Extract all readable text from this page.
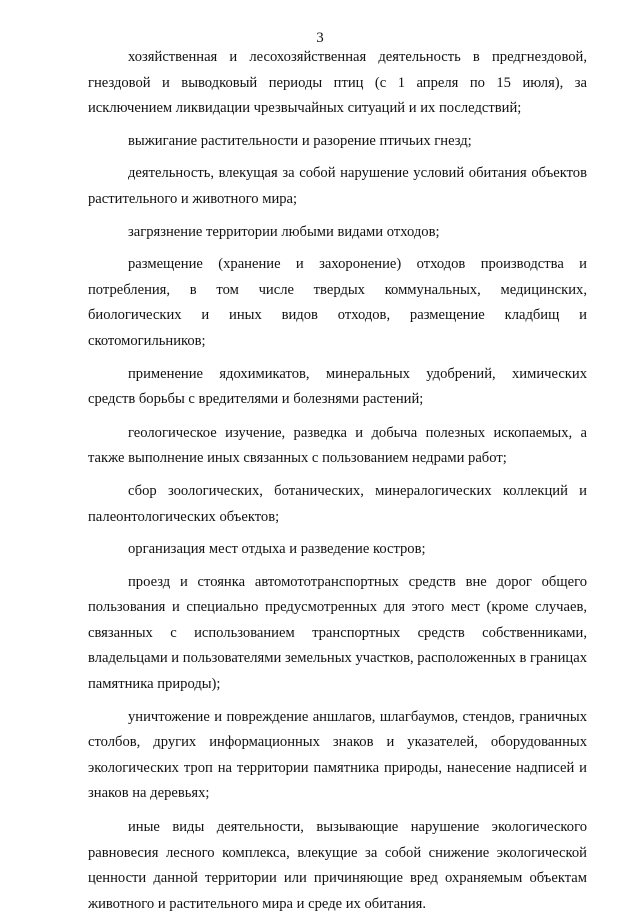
3

хозяйственная и лесохозяйственная деятельность в предгнездовой, гнездовой и выводковый периоды птиц (с 1 апреля по 15 июля), за исключением ликвидации чрезвычайных ситуаций и их последствий;

выжигание растительности и разорение птичьих гнезд;

деятельность, влекущая за собой нарушение условий обитания объектов растительного и животного мира;

загрязнение территории любыми видами отходов;

размещение (хранение и захоронение) отходов производства и потребления, в том числе твердых коммунальных, медицинских, биологических и иных видов отходов, размещение кладбищ и скотомогильников;

применение ядохимикатов, минеральных удобрений, химических средств борьбы с вредителями и болезнями растений;

геологическое изучение, разведка и добыча полезных ископаемых, а также выполнение иных связанных с пользованием недрами работ;

сбор зоологических, ботанических, минералогических коллекций и палеонтологических объектов;

организация мест отдыха и разведение костров;

проезд и стоянка автомототранспортных средств вне дорог общего пользования и специально предусмотренных для этого мест (кроме случаев, связанных с использованием транспортных средств собственниками, владельцами и пользователями земельных участков, расположенных в границах памятника природы);

уничтожение и повреждение аншлагов, шлагбаумов, стендов, граничных столбов, других информационных знаков и указателей, оборудованных экологических троп на территории памятника природы, нанесение надписей и знаков на деревьях;

иные виды деятельности, вызывающие нарушение экологического равновесия лесного комплекса, влекущие за собой снижение экологической ценности данной территории или причиняющие вред охраняемым объектам животного и растительного мира и среде их обитания.
